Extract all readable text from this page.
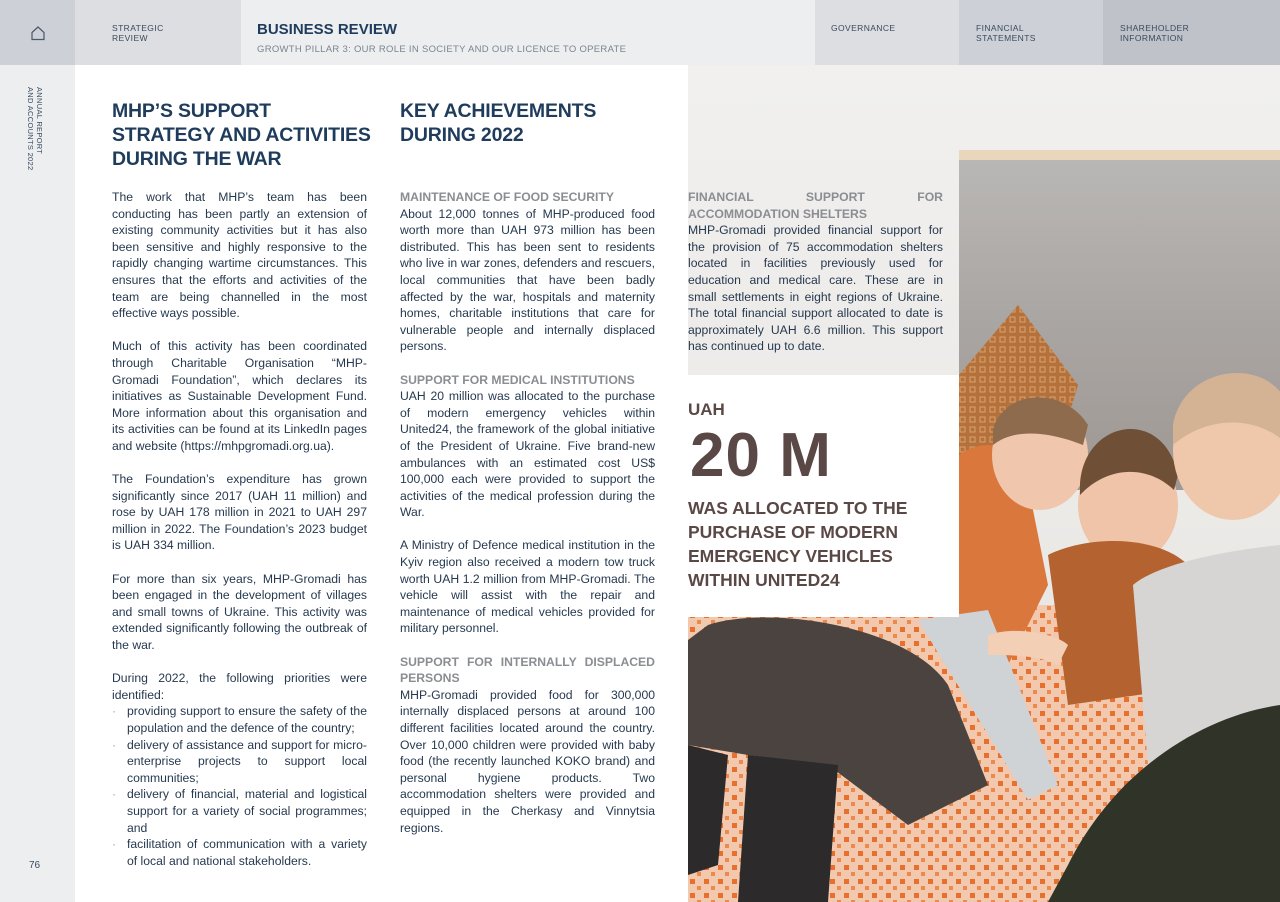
STRATEGIC
REVIEW	BUSINESS REVIEW
GROWTH PILLAR 3: OUR ROLE IN SOCIETY AND OUR LICENCE TO OPERATE
GOVERNANCE	FINANCIAL
STATEMENTS
SHAREHOLDER
INFORMATION
ANNUAL REPORT
AND ACCOUNTS 2022
76
UAH
20 M
WAS ALLOCATED TO THE PURCHASE OF MODERN EMERGENCY VEHICLES WITHIN UNITED24
MHP’S SUPPORT STRATEGY AND ACTIVITIES DURING THE WAR

The work that MHP’s team has been conducting has been partly an extension of existing community activities but it has also been sensitive and highly responsive to the rapidly changing wartime circumstances. This ensures that the efforts and activities of the team are being channelled in the most effective ways possible.

Much of this activity has been coordinated through Charitable Organisation “MHP-Gromadi Foundation”, which declares its initiatives as Sustainable Development Fund. More information about this organisation and its activities can be found at its LinkedIn pages and website (https://mhpgromadi.org.ua).

The Foundation’s expenditure has grown significantly since 2017 (UAH 11 million) and rose by UAH 178 million in 2021 to UAH 297 million in 2022. The Foundation’s 2023 budget is UAH 334 million.

For more than six years, MHP-Gromadi has been engaged in the development of villages and small towns of Ukraine. This activity was extended significantly following the outbreak of the war.

During 2022, the following priorities were identified:

· providing support to ensure the safety of the population and the defence of the country;
· delivery of assistance and support for micro-enterprise projects to support local communities;
· delivery of financial, material and logistical support for a variety of social programmes; and
· facilitation of communication with a variety of local and national stakeholders.
KEY ACHIEVEMENTS DURING 2022
MAINTENANCE OF FOOD SECURITY

About 12,000 tonnes of MHP-produced food worth more than UAH 973 million has been distributed. This has been sent to residents who live in war zones, defenders and rescuers, local communities that have been badly affected by the war, hospitals and maternity homes, charitable institutions that care for vulnerable people and internally displaced persons.

SUPPORT FOR MEDICAL INSTITUTIONS

UAH 20 million was allocated to the purchase of modern emergency vehicles within United24, the framework of the global initiative of the President of Ukraine. Five brand-new ambulances with an estimated cost US$ 100,000 each were provided to support the activities of the medical profession during the War.

A Ministry of Defence medical institution in the Kyiv region also received a modern tow truck worth UAH 1.2 million from MHP-Gromadi. The vehicle will assist with the repair and maintenance of medical vehicles provided for military personnel.

SUPPORT FOR INTERNALLY DISPLACED PERSONS

MHP-Gromadi provided food for 300,000 internally displaced persons at around 100 different facilities located around the country. Over 10,000 children were provided with baby food (the recently launched KOKO brand) and personal hygiene products. Two accommodation shelters were provided and equipped in the Cherkasy and Vinnytsia regions.

FINANCIAL SUPPORT FOR ACCOMMODATION SHELTERS

MHP-Gromadi provided financial support for the provision of 75 accommodation shelters located in facilities previously used for education and medical care. These are in small settlements in eight regions of Ukraine. The total financial support allocated to date is approximately UAH 6.6 million. This support has continued up to date.
